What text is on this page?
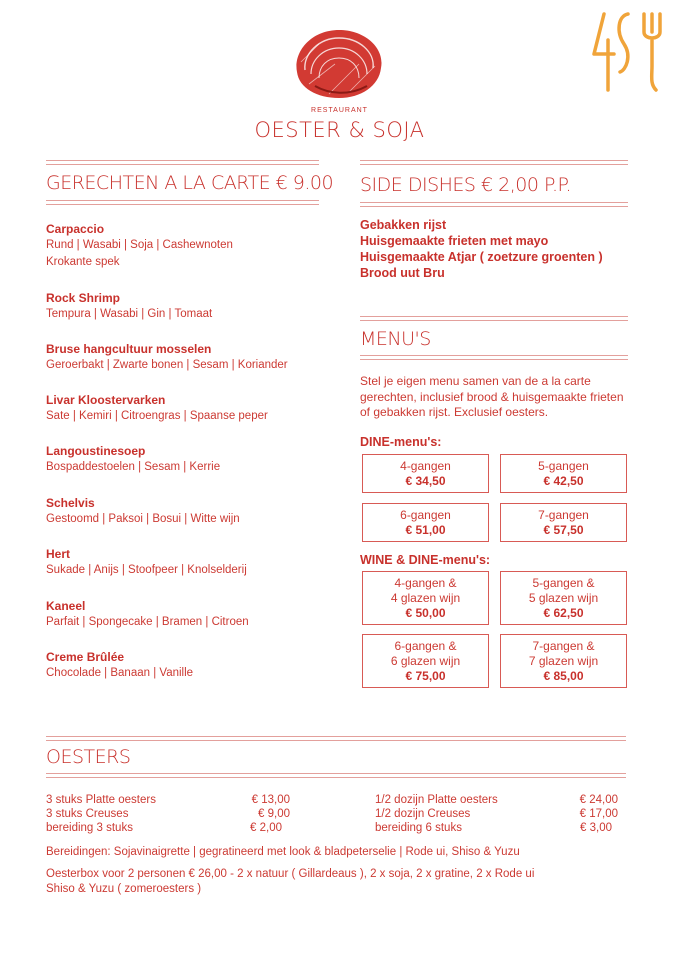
RESTAURANT
OESTER & SOJA
GERECHTEN A LA CARTE € 9.00
Carpaccio
Rund | Wasabi | Soja | Cashewnoten
Krokante spek
Rock Shrimp
Tempura | Wasabi | Gin | Tomaat
Bruse hangcultuur mosselen
Geroerbakt | Zwarte bonen | Sesam | Koriander
Livar Kloostervarken
Sate | Kemiri | Citroengras | Spaanse peper
Langoustinesoep
Bospaddestoelen | Sesam | Kerrie
Schelvis
Gestoomd | Paksoi | Bosui | Witte wijn
Hert
Sukade | Anijs | Stoofpeer | Knolselderij
Kaneel
Parfait | Spongecake | Bramen | Citroen
Creme Brûlée
Chocolade | Banaan | Vanille
SIDE DISHES € 2,00 P.P.
Gebakken rijst
Huisgemaakte frieten met mayo
Huisgemaakte Atjar ( zoetzure groenten )
Brood uut Bru
MENU'S
Stel je eigen menu samen van de a la carte gerechten, inclusief brood & huisgemaakte frieten of gebakken rijst. Exclusief oesters.
DINE-menu's:
4-gangen
€ 34,50
5-gangen
€ 42,50
6-gangen
€ 51,00
7-gangen
€ 57,50
WINE & DINE-menu's:
4-gangen &
4 glazen wijn
€ 50,00
5-gangen &
5 glazen wijn
€ 62,50
6-gangen &
6 glazen wijn
€ 75,00
7-gangen &
7 glazen wijn
€ 85,00
OESTERS
3 stuks Platte oesters	€ 13,00
3 stuks Creuses	€ 9,00
bereiding 3 stuks	€ 2,00
1/2 dozijn Platte oesters	€ 24,00
1/2 dozijn Creuses	€ 17,00
bereiding 6 stuks	€ 3,00
Bereidingen: Sojavinaigrette | gegratineerd met look & bladpeterselie | Rode ui, Shiso & Yuzu
Oesterbox voor 2 personen € 26,00 - 2 x natuur ( Gillardeaus ), 2 x soja, 2 x gratine, 2 x Rode ui Shiso & Yuzu ( zomeroesters )
